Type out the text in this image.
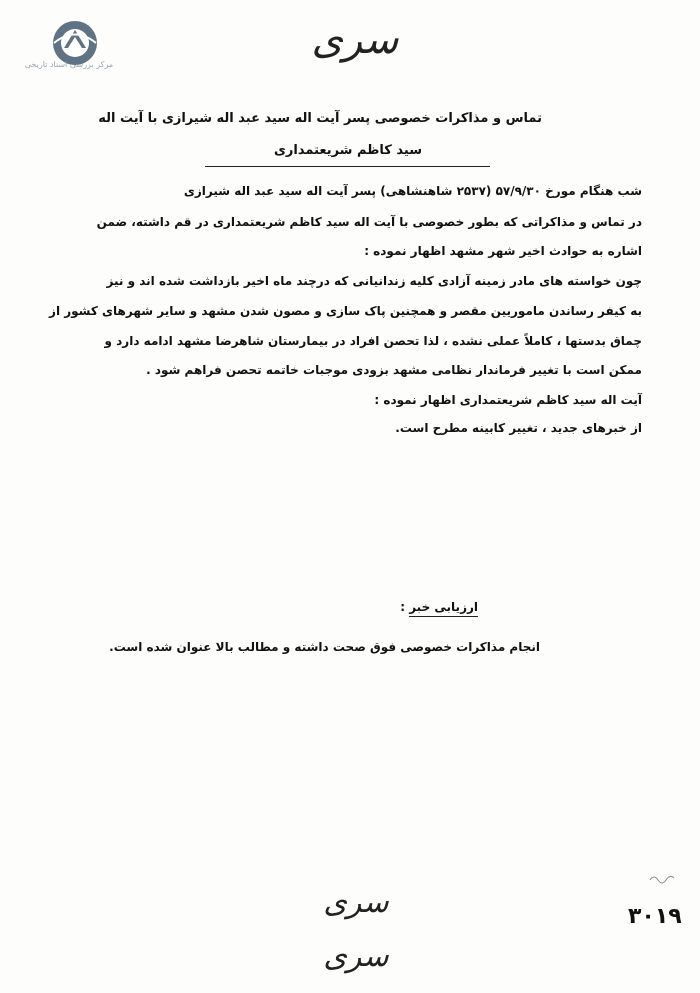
مرکز بررسی اسناد تاریخی
سری
تماس و مذاکرات خصوصی پسر آیت اله سید عبد اله شیرازی با آیت اله
سید کاظم شریعتمداری
شب هنگام مورخ ۵۷/۹/۳۰ (۲۵۳۷ شاهنشاهی) پسر آیت اله سید عبد اله شیرازی
در تماس و مذاکراتی که بطور خصوصی با آیت اله سید کاظم شریعتمداری در قم داشته، ضمن
اشاره به حوادث اخیر شهر مشهد اظهار نموده :
چون خواسته های مادر زمینه آزادی کلیه زندانیانی که درچند ماه اخیر بازداشت شده اند و نیز
به کیفر رساندن ماموریین مقصر و همچنین پاک سازی و مصون شدن مشهد و سایر شهرهای کشور از
چماق بدستها ، کاملاً عملی نشده ، لذا تحصن افراد در بیمارستان شاهرضا مشهد ادامه دارد و
ممکن است با تغییر فرماندار نظامی مشهد بزودی موجبات خاتمه تحصن فراهم شود .
آیت اله سید کاظم شریعتمداری اظهار نموده :
از خبرهای جدید ، تغییر کابینه مطرح است.
ارزیابی خبر :
انجام مذاکرات خصوصی فوق صحت داشته و مطالب بالا عنوان شده است.
۳۰۱۹
سری
سری
